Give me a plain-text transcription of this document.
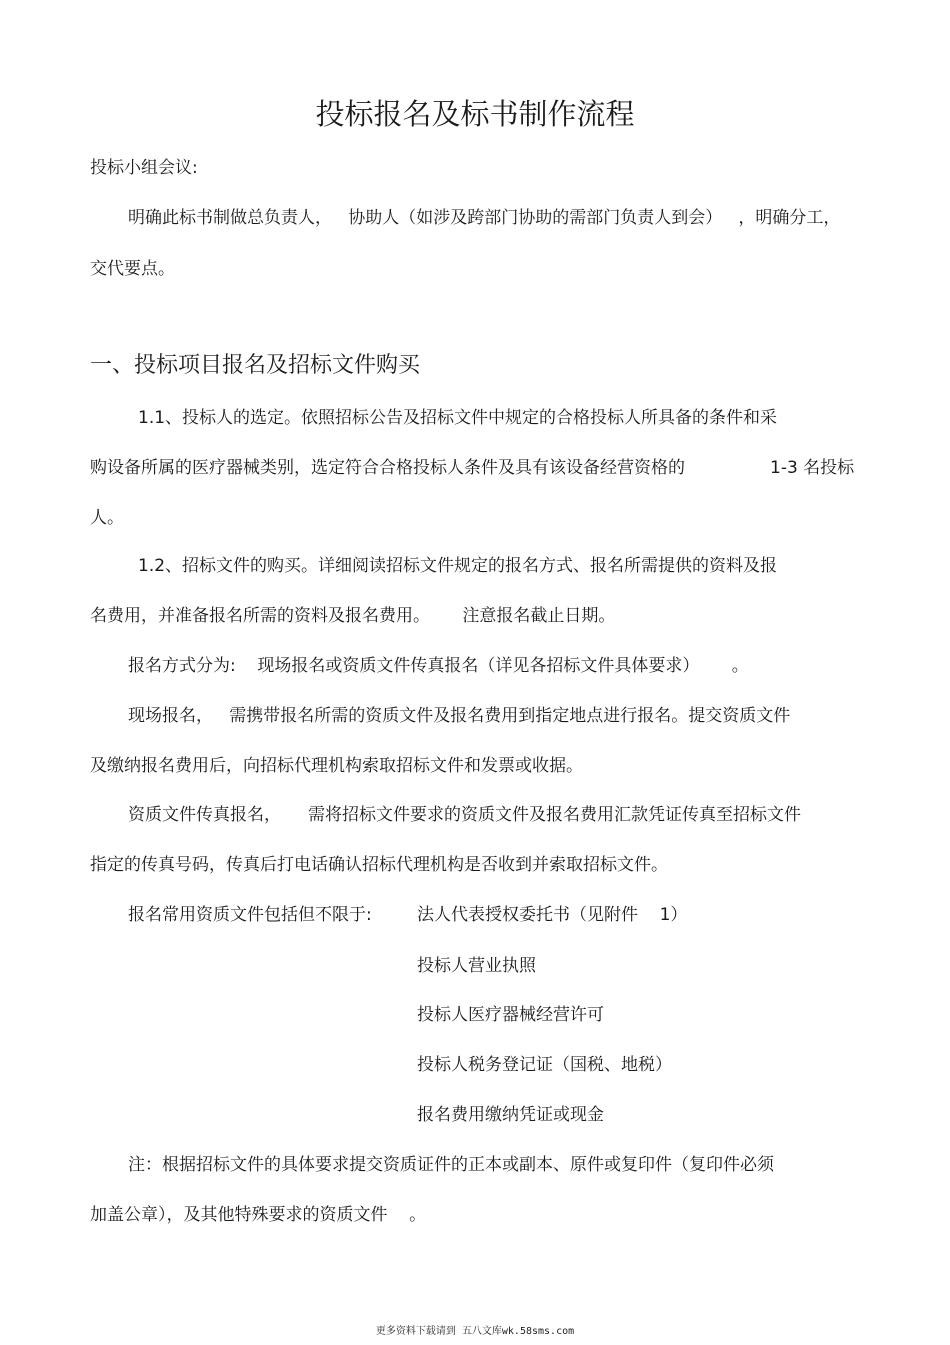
投标报名及标书制作流程
投标小组会议:
明确此标书制做总负责人，   协助人（如涉及跨部门协助的需部门负责人到会）   ，明确分工，
交代要点。
一、投标项目报名及招标文件购买
1.1、投标人的选定。依照招标公告及招标文件中规定的合格投标人所具备的条件和采
购设备所属的医疗器械类别，选定符合合格投标人条件及具有该设备经营资格的	1-3 名投标
人。
1.2、招标文件的购买。详细阅读招标文件规定的报名方式、报名所需提供的资料及报
名费用，并准备报名所需的资料及报名费用。      注意报名截止日期。
报名方式分为:    现场报名或资质文件传真报名（详见各招标文件具体要求）      。
现场报名，   需携带报名所需的资质文件及报名费用到指定地点进行报名。提交资质文件
及缴纳报名费用后，向招标代理机构索取招标文件和发票或收据。
资质文件传真报名，     需将招标文件要求的资质文件及报名费用汇款凭证传真至招标文件
指定的传真号码，传真后打电话确认招标代理机构是否收到并索取招标文件。
报名常用资质文件包括但不限于:	法人代表授权委托书（见附件    1）
投标人营业执照
投标人医疗器械经营许可
投标人税务登记证（国税、地税）
报名费用缴纳凭证或现金
注：根据招标文件的具体要求提交资质证件的正本或副本、原件或复印件（复印件必须
加盖公章），及其他特殊要求的资质文件    。
更多资料下载请到 五八文库wk.58sms.com
